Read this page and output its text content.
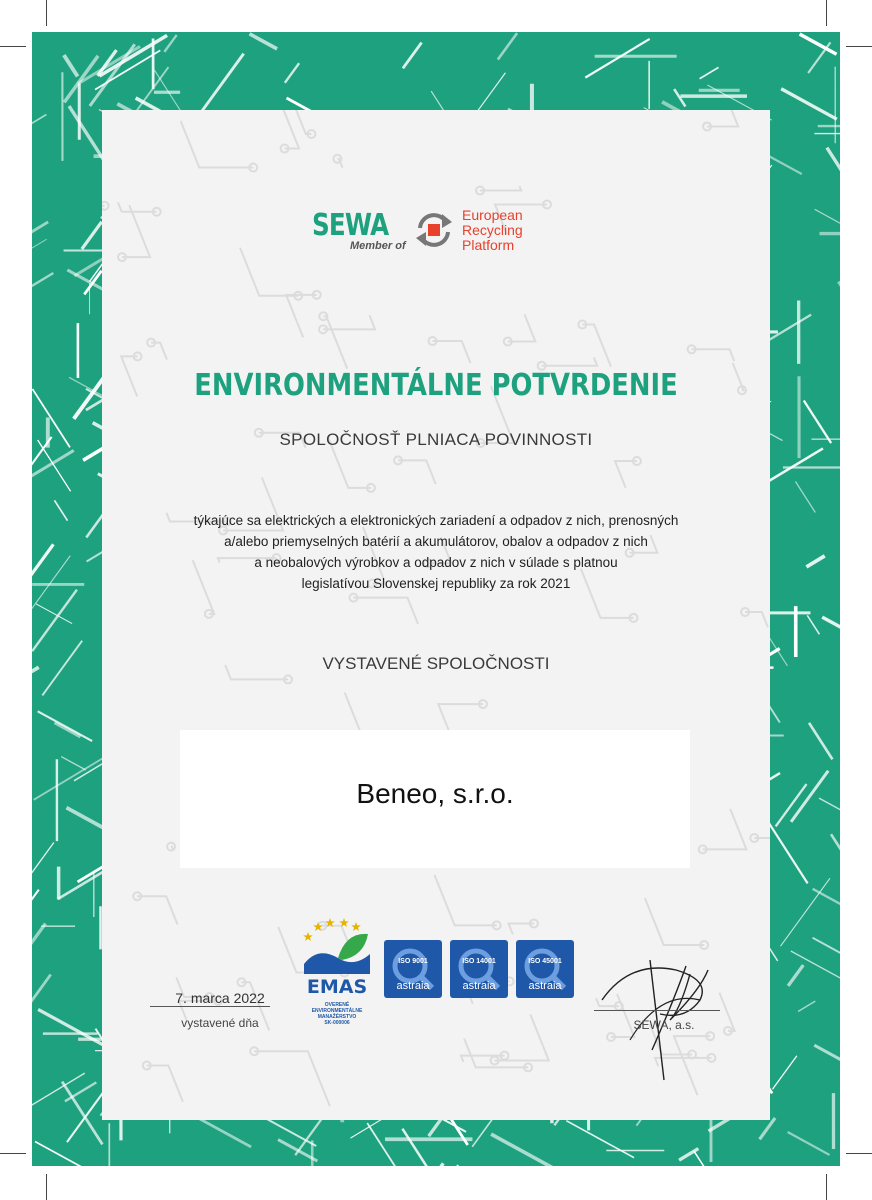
SEWA
Member of
European
Recycling
Platform
ENVIRONMENTÁLNE POTVRDENIE
SPOLOČNOSŤ PLNIACA POVINNOSTI
týkajúce sa elektrických a elektronických zariadení a odpadov z nich, prenosných
a/alebo priemyselných batérií a akumulátorov, obalov a odpadov z nich
a neobalových výrobkov a odpadov z nich v súlade s platnou
legislatívou Slovenskej republiky za rok 2021
VYSTAVENÉ SPOLOČNOSTI
Beneo, s.r.o.
7. marca 2022
vystavené dňa
EMAS
OVERENÉ
ENVIRONMENTÁLNE
MANAŽÉRSTVO
SK-000006
ISO 9001
astraia
ISO 14001
astraia
ISO 45001
astraia
SEWA, a.s.
